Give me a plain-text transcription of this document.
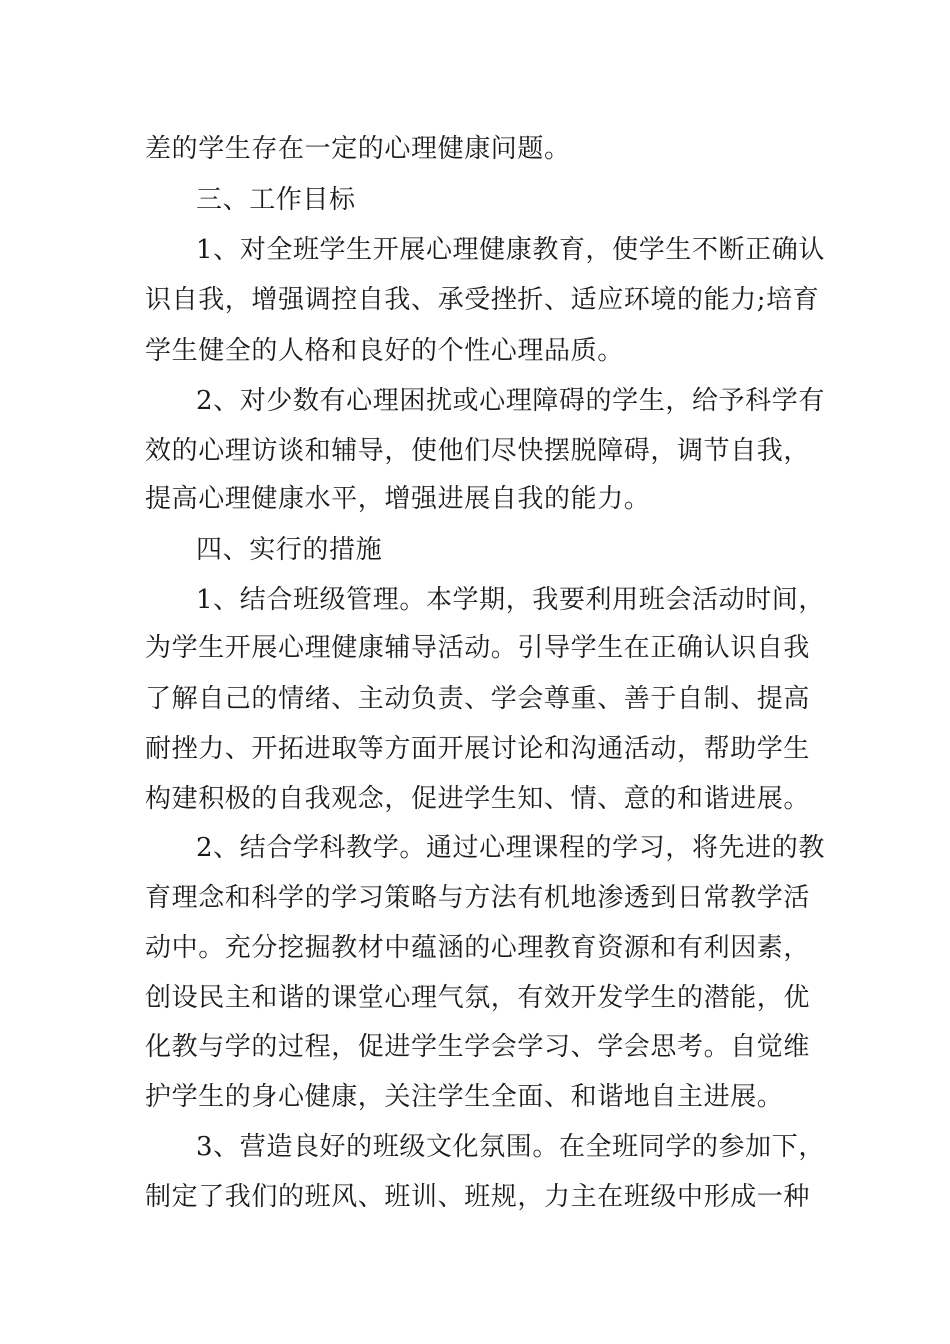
差的学生存在一定的心理健康问题。
三、工作目标
1、对全班学生开展心理健康教育，使学生不断正确认
识自我，增强调控自我、承受挫折、适应环境的能力;培育
学生健全的人格和良好的个性心理品质。
2、对少数有心理困扰或心理障碍的学生，给予科学有
效的心理访谈和辅导，使他们尽快摆脱障碍，调节自我，
提高心理健康水平，增强进展自我的能力。
四、实行的措施
1、结合班级管理。本学期，我要利用班会活动时间，
为学生开展心理健康辅导活动。引导学生在正确认识自我
了解自己的情绪、主动负责、学会尊重、善于自制、提高
耐挫力、开拓进取等方面开展讨论和沟通活动，帮助学生
构建积极的自我观念，促进学生知、情、意的和谐进展。
2、结合学科教学。通过心理课程的学习，将先进的教
育理念和科学的学习策略与方法有机地渗透到日常教学活
动中。充分挖掘教材中蕴涵的心理教育资源和有利因素，
创设民主和谐的课堂心理气氛，有效开发学生的潜能，优
化教与学的过程，促进学生学会学习、学会思考。自觉维
护学生的身心健康，关注学生全面、和谐地自主进展。
3、营造良好的班级文化氛围。在全班同学的参加下，
制定了我们的班风、班训、班规，力主在班级中形成一种
